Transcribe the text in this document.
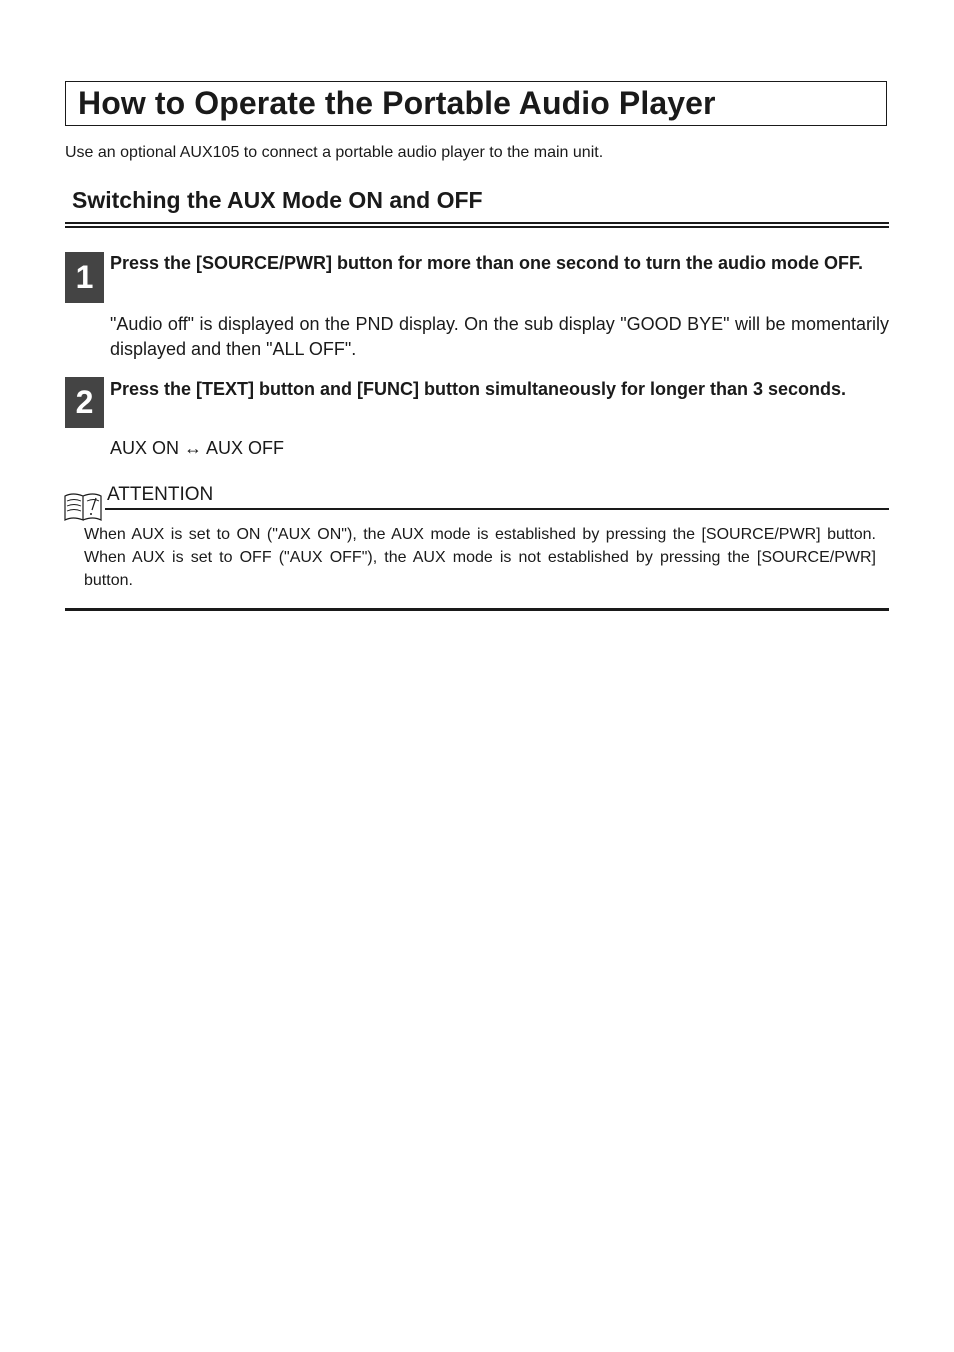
How to Operate the Portable Audio Player
Use an optional AUX105 to connect a portable audio player to the main unit.
Switching the AUX Mode ON and OFF
1 Press the [SOURCE/PWR] button for more than one second to turn the audio mode OFF.
"Audio off" is displayed on the PND display. On the sub display "GOOD BYE" will be momentarily displayed and then "ALL OFF".
2 Press the [TEXT] button and [FUNC] button simultaneously for longer than 3 seconds.
AUX ON ↔ AUX OFF
ATTENTION
When AUX is set to ON ("AUX ON"), the AUX mode is established by pressing the [SOURCE/PWR] button. When AUX is set to OFF ("AUX OFF"), the AUX mode is not established by pressing the [SOURCE/PWR] button.
